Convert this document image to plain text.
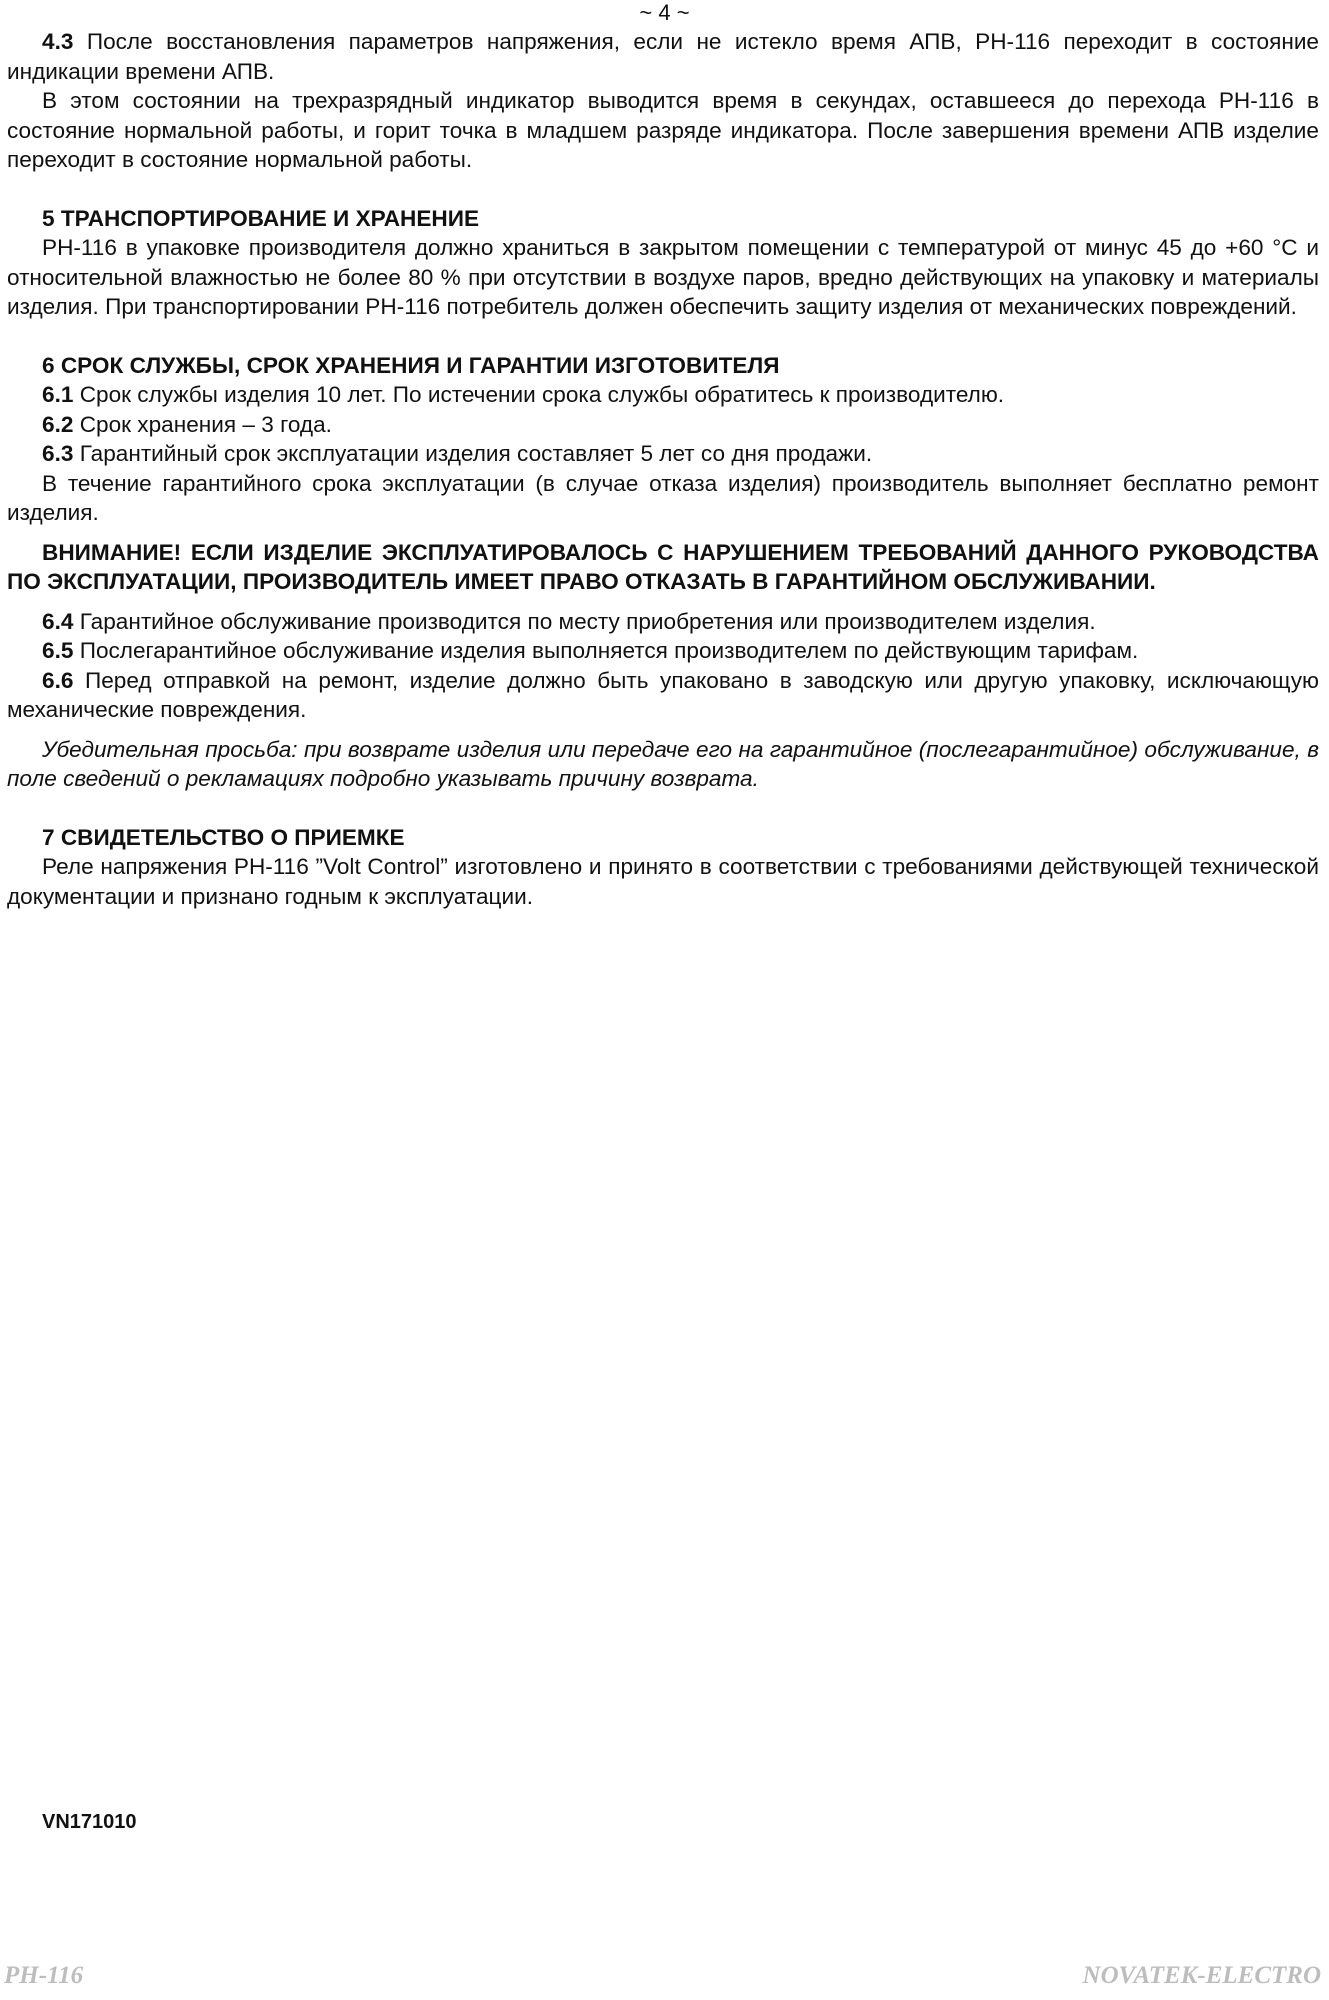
~ 4 ~

4.3 После восстановления параметров напряжения, если не истекло время АПВ, РН-116 переходит в состояние индикации времени АПВ.

В этом состоянии на трехразрядный индикатор выводится время в секундах, оставшееся до перехода РН-116 в состояние нормальной работы, и горит точка в младшем разряде индикатора. После завершения времени АПВ изделие переходит в состояние нормальной работы.

5 ТРАНСПОРТИРОВАНИЕ И ХРАНЕНИЕ

РН-116 в упаковке производителя должно храниться в закрытом помещении с температурой от минус 45 до +60 °С и относительной влажностью не более 80 % при отсутствии в воздухе паров, вредно действующих на упаковку и материалы изделия. При транспортировании РН-116 потребитель должен обеспечить защиту изделия от механических повреждений.

6 СРОК СЛУЖБЫ, СРОК ХРАНЕНИЯ И ГАРАНТИИ ИЗГОТОВИТЕЛЯ

6.1 Срок службы изделия 10 лет. По истечении срока службы обратитесь к производителю.

6.2 Срок хранения – 3 года.

6.3 Гарантийный срок эксплуатации изделия составляет 5 лет со дня продажи.

В течение гарантийного срока эксплуатации (в случае отказа изделия) производитель выполняет бесплатно ремонт изделия.

ВНИМАНИЕ! ЕСЛИ ИЗДЕЛИЕ ЭКСПЛУАТИРОВАЛОСЬ С НАРУШЕНИЕМ ТРЕБОВАНИЙ ДАННОГО РУКОВОДСТВА ПО ЭКСПЛУАТАЦИИ, ПРОИЗВОДИТЕЛЬ ИМЕЕТ ПРАВО ОТКАЗАТЬ В ГАРАНТИЙНОМ ОБСЛУЖИВАНИИ.

6.4 Гарантийное обслуживание производится по месту приобретения или производителем изделия.

6.5 Послегарантийное обслуживание изделия выполняется производителем по действующим тарифам.

6.6 Перед отправкой на ремонт, изделие должно быть упаковано в заводскую или другую упаковку, исключающую механические повреждения.

Убедительная просьба: при возврате изделия или передаче его на гарантийное (послегарантийное) обслуживание, в поле сведений о рекламациях подробно указывать причину возврата.

7 СВИДЕТЕЛЬСТВО О ПРИЕМКЕ

Реле напряжения РН-116 ”Volt Control” изготовлено и принято в соответствии с требованиями действующей технической документации и признано годным к эксплуатации.

VN171010
РН-116	NOVATEK-ELECTRO
